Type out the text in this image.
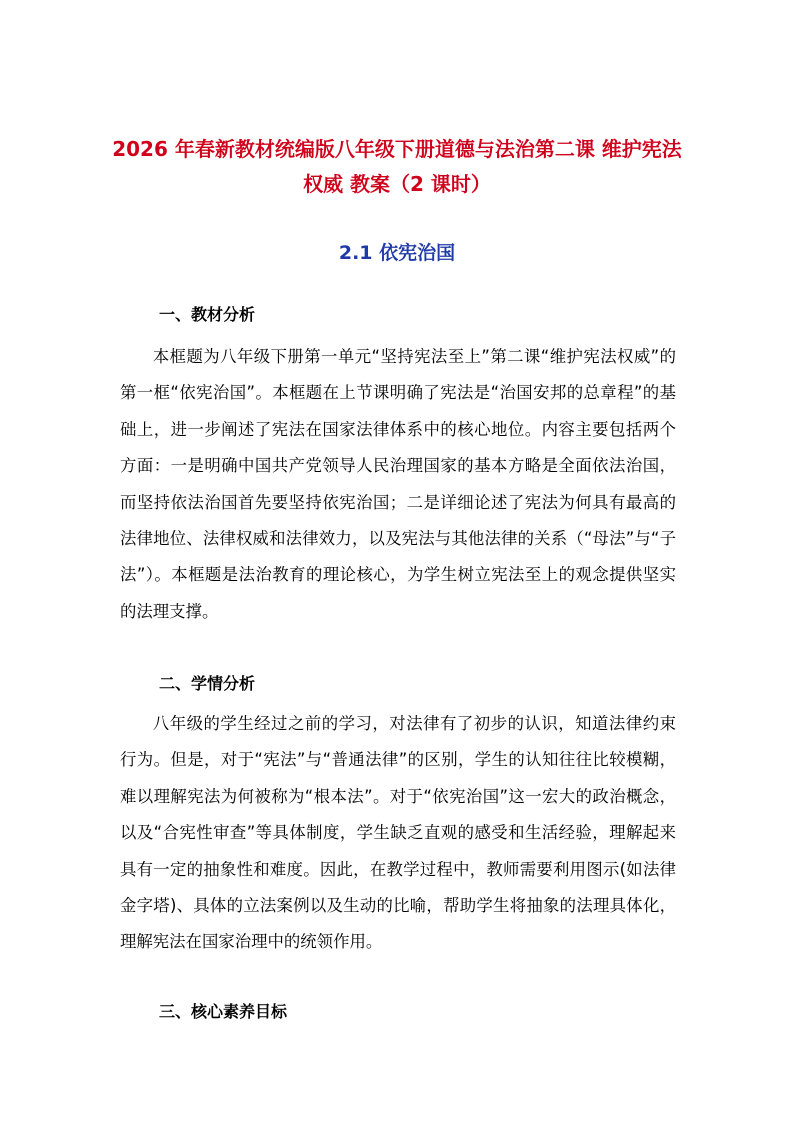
2026 年春新教材统编版八年级下册道德与法治第二课 维护宪法权威 教案（2 课时）
2.1 依宪治国
一、教材分析

本框题为八年级下册第一单元“坚持宪法至上”第二课“维护宪法权威”的第一框“依宪治国”。本框题在上节课明确了宪法是“治国安邦的总章程”的基础上，进一步阐述了宪法在国家法律体系中的核心地位。内容主要包括两个方面：一是明确中国共产党领导人民治理国家的基本方略是全面依法治国，而坚持依法治国首先要坚持依宪治国；二是详细论述了宪法为何具有最高的法律地位、法律权威和法律效力，以及宪法与其他法律的关系（“母法”与“子法”）。本框题是法治教育的理论核心，为学生树立宪法至上的观念提供坚实的法理支撑。

二、学情分析

八年级的学生经过之前的学习，对法律有了初步的认识，知道法律约束行为。但是，对于“宪法”与“普通法律”的区别，学生的认知往往比较模糊，难以理解宪法为何被称为“根本法”。对于“依宪治国”这一宏大的政治概念，以及“合宪性审查”等具体制度，学生缺乏直观的感受和生活经验，理解起来具有一定的抽象性和难度。因此，在教学过程中，教师需要利用图示(如法律金字塔)、具体的立法案例以及生动的比喻，帮助学生将抽象的法理具体化，理解宪法在国家治理中的统领作用。

三、核心素养目标
